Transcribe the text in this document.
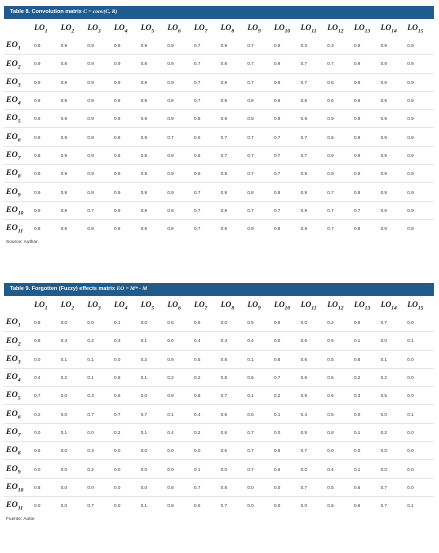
Table 8. Convolution matrix C = conv(C, R)
	$LO_1$	$LO_2$	$LO_3$	$LO_4$	$LO_5$	$LO_6$	$LO_7$	$LO_8$	$LO_9$	$LO_{10}$	$LO_{11}$	$LO_{12}$	$LO_{13}$	$LO_{14}$	$LO_{15}$
$EO_1$	0.9	0.9	0.9	0.9	0.9	0.9	0.7	0.9	0.7	0.9	0.3	0.3	0.9	0.9	0.9
$EO_2$	0.9	0.9	0.9	0.9	0.9	0.9	0.7	0.9	0.7	0.9	0.7	0.7	0.9	0.9	0.9
$EO_3$	0.9	0.9	0.9	0.9	0.9	0.9	0.7	0.9	0.7	0.9	0.7	0.6	0.9	0.9	0.9
$EO_4$	0.9	0.9	0.9	0.9	0.9	0.8	0.7	0.9	0.8	0.9	0.8	0.6	0.9	0.9	0.9
$EO_5$	0.9	0.9	0.9	0.9	0.9	0.9	0.8	0.9	0.8	0.9	0.9	0.9	0.9	0.9	0.9
$EO_6$	0.9	0.9	0.8	0.9	0.9	0.7	0.6	0.7	0.7	0.7	0.7	0.6	0.9	0.9	0.9
$EO_7$	0.8	0.9	0.9	0.9	0.8	0.8	0.9	0.7	0.7	0.7	0.7	0.9	0.9	0.9	0.9
$EO_8$	0.9	0.9	0.9	0.9	0.8	0.9	0.9	0.8	0.7	0.7	0.8	0.9	0.9	0.9	0.9
$EO_9$	0.9	0.9	0.8	0.9	0.9	0.9	0.7	0.9	0.8	0.8	0.9	0.7	0.8	0.9	0.9
$EO_{10}$	0.9	0.9	0.7	0.9	0.9	0.8	0.7	0.9	0.7	0.7	0.9	0.7	0.7	0.9	0.9
$EO_{11}$	0.8	0.8	0.8	0.9	0.8	0.8	0.7	0.8	0.9	0.8	0.9	0.7	0.8	0.8	0.8
Source: Author.
Table 9. Forgotten (Fuzzy) effects matrix EO = M* - M
	$LO_1$	$LO_2$	$LO_3$	$LO_4$	$LO_5$	$LO_6$	$LO_7$	$LO_8$	$LO_9$	$LO_{10}$	$LO_{11}$	$LO_{12}$	$LO_{13}$	$LO_{14}$	$LO_{15}$
$EO_1$	0.8	0.0	0.0	0.1	0.0	0.6	0.6	0.0	0.5	0.8	0.0	0.2	0.8	0.7	0.0
$EO_2$	0.8	0.4	0.2	0.3	0.1	0.0	0.4	0.4	0.4	0.0	0.6	0.5	0.1	0.0	0.1
$EO_3$	0.0	0.1	0.1	0.0	0.2	0.9	0.5	0.8	0.1	0.8	0.6	0.5	0.8	0.1	0.0
$EO_4$	0.4	0.2	0.1	0.8	0.1	0.2	0.2	0.8	0.6	0.7	0.6	0.5	0.2	0.2	0.0
$EO_5$	0.7	0.0	0.3	0.6	0.0	0.8	0.8	0.7	0.1	0.2	0.8	0.6	0.3	0.5	0.0
$EO_6$	0.2	0.0	0.7	0.7	0.7	0.1	0.4	0.6	0.6	0.1	0.4	0.5	0.0	0.0	0.1
$EO_7$	0.0	0.1	0.0	0.2	0.1	0.4	0.2	0.6	0.7	0.0	0.5	0.8	0.1	0.2	0.0
$EO_8$	0.5	0.0	0.4	0.0	0.0	0.0	0.0	0.6	0.7	0.6	0.7	0.0	0.0	0.0	0.0
$EO_9$	0.0	0.0	0.2	0.0	0.0	0.0	0.1	0.0	0.7	0.6	0.0	0.4	0.1	0.0	0.0
$EO_{10}$	0.8	0.0	0.0	0.0	0.0	0.8	0.7	0.8	0.0	0.0	0.7	0.5	0.6	0.7	0.0
$EO_{11}$	0.0	0.0	0.7	0.0	0.1	0.8	0.6	0.7	0.0	0.0	0.0	0.6	0.6	0.7	0.1
Fuente: Autor
